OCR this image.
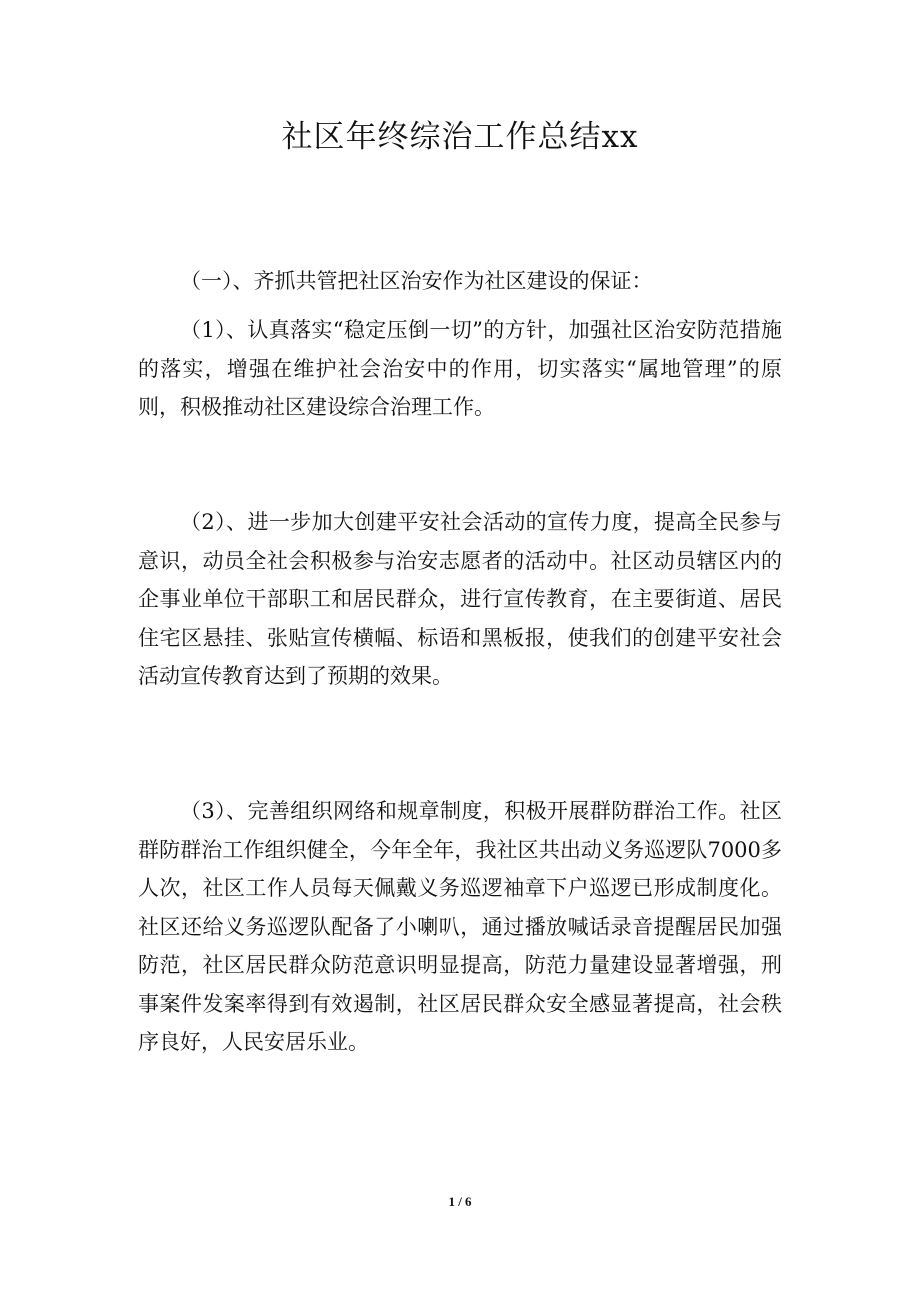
社区年终综治工作总结xx

（一）、齐抓共管把社区治安作为社区建设的保证：

（1）、认真落实“稳定压倒一切”的方针，加强社区治安防范措施的落实，增强在维护社会治安中的作用，切实落实“属地管理”的原则，积极推动社区建设综合治理工作。

（2）、进一步加大创建平安社会活动的宣传力度，提高全民参与意识，动员全社会积极参与治安志愿者的活动中。社区动员辖区内的企事业单位干部职工和居民群众，进行宣传教育，在主要街道、居民住宅区悬挂、张贴宣传横幅、标语和黑板报，使我们的创建平安社会活动宣传教育达到了预期的效果。

（3）、完善组织网络和规章制度，积极开展群防群治工作。社区群防群治工作组织健全，今年全年，我社区共出动义务巡逻队7000多人次，社区工作人员每天佩戴义务巡逻袖章下户巡逻已形成制度化。社区还给义务巡逻队配备了小喇叭，通过播放喊话录音提醒居民加强防范，社区居民群众防范意识明显提高，防范力量建设显著增强，刑事案件发案率得到有效遏制，社区居民群众安全感显著提高，社会秩序良好，人民安居乐业。

1 / 6
